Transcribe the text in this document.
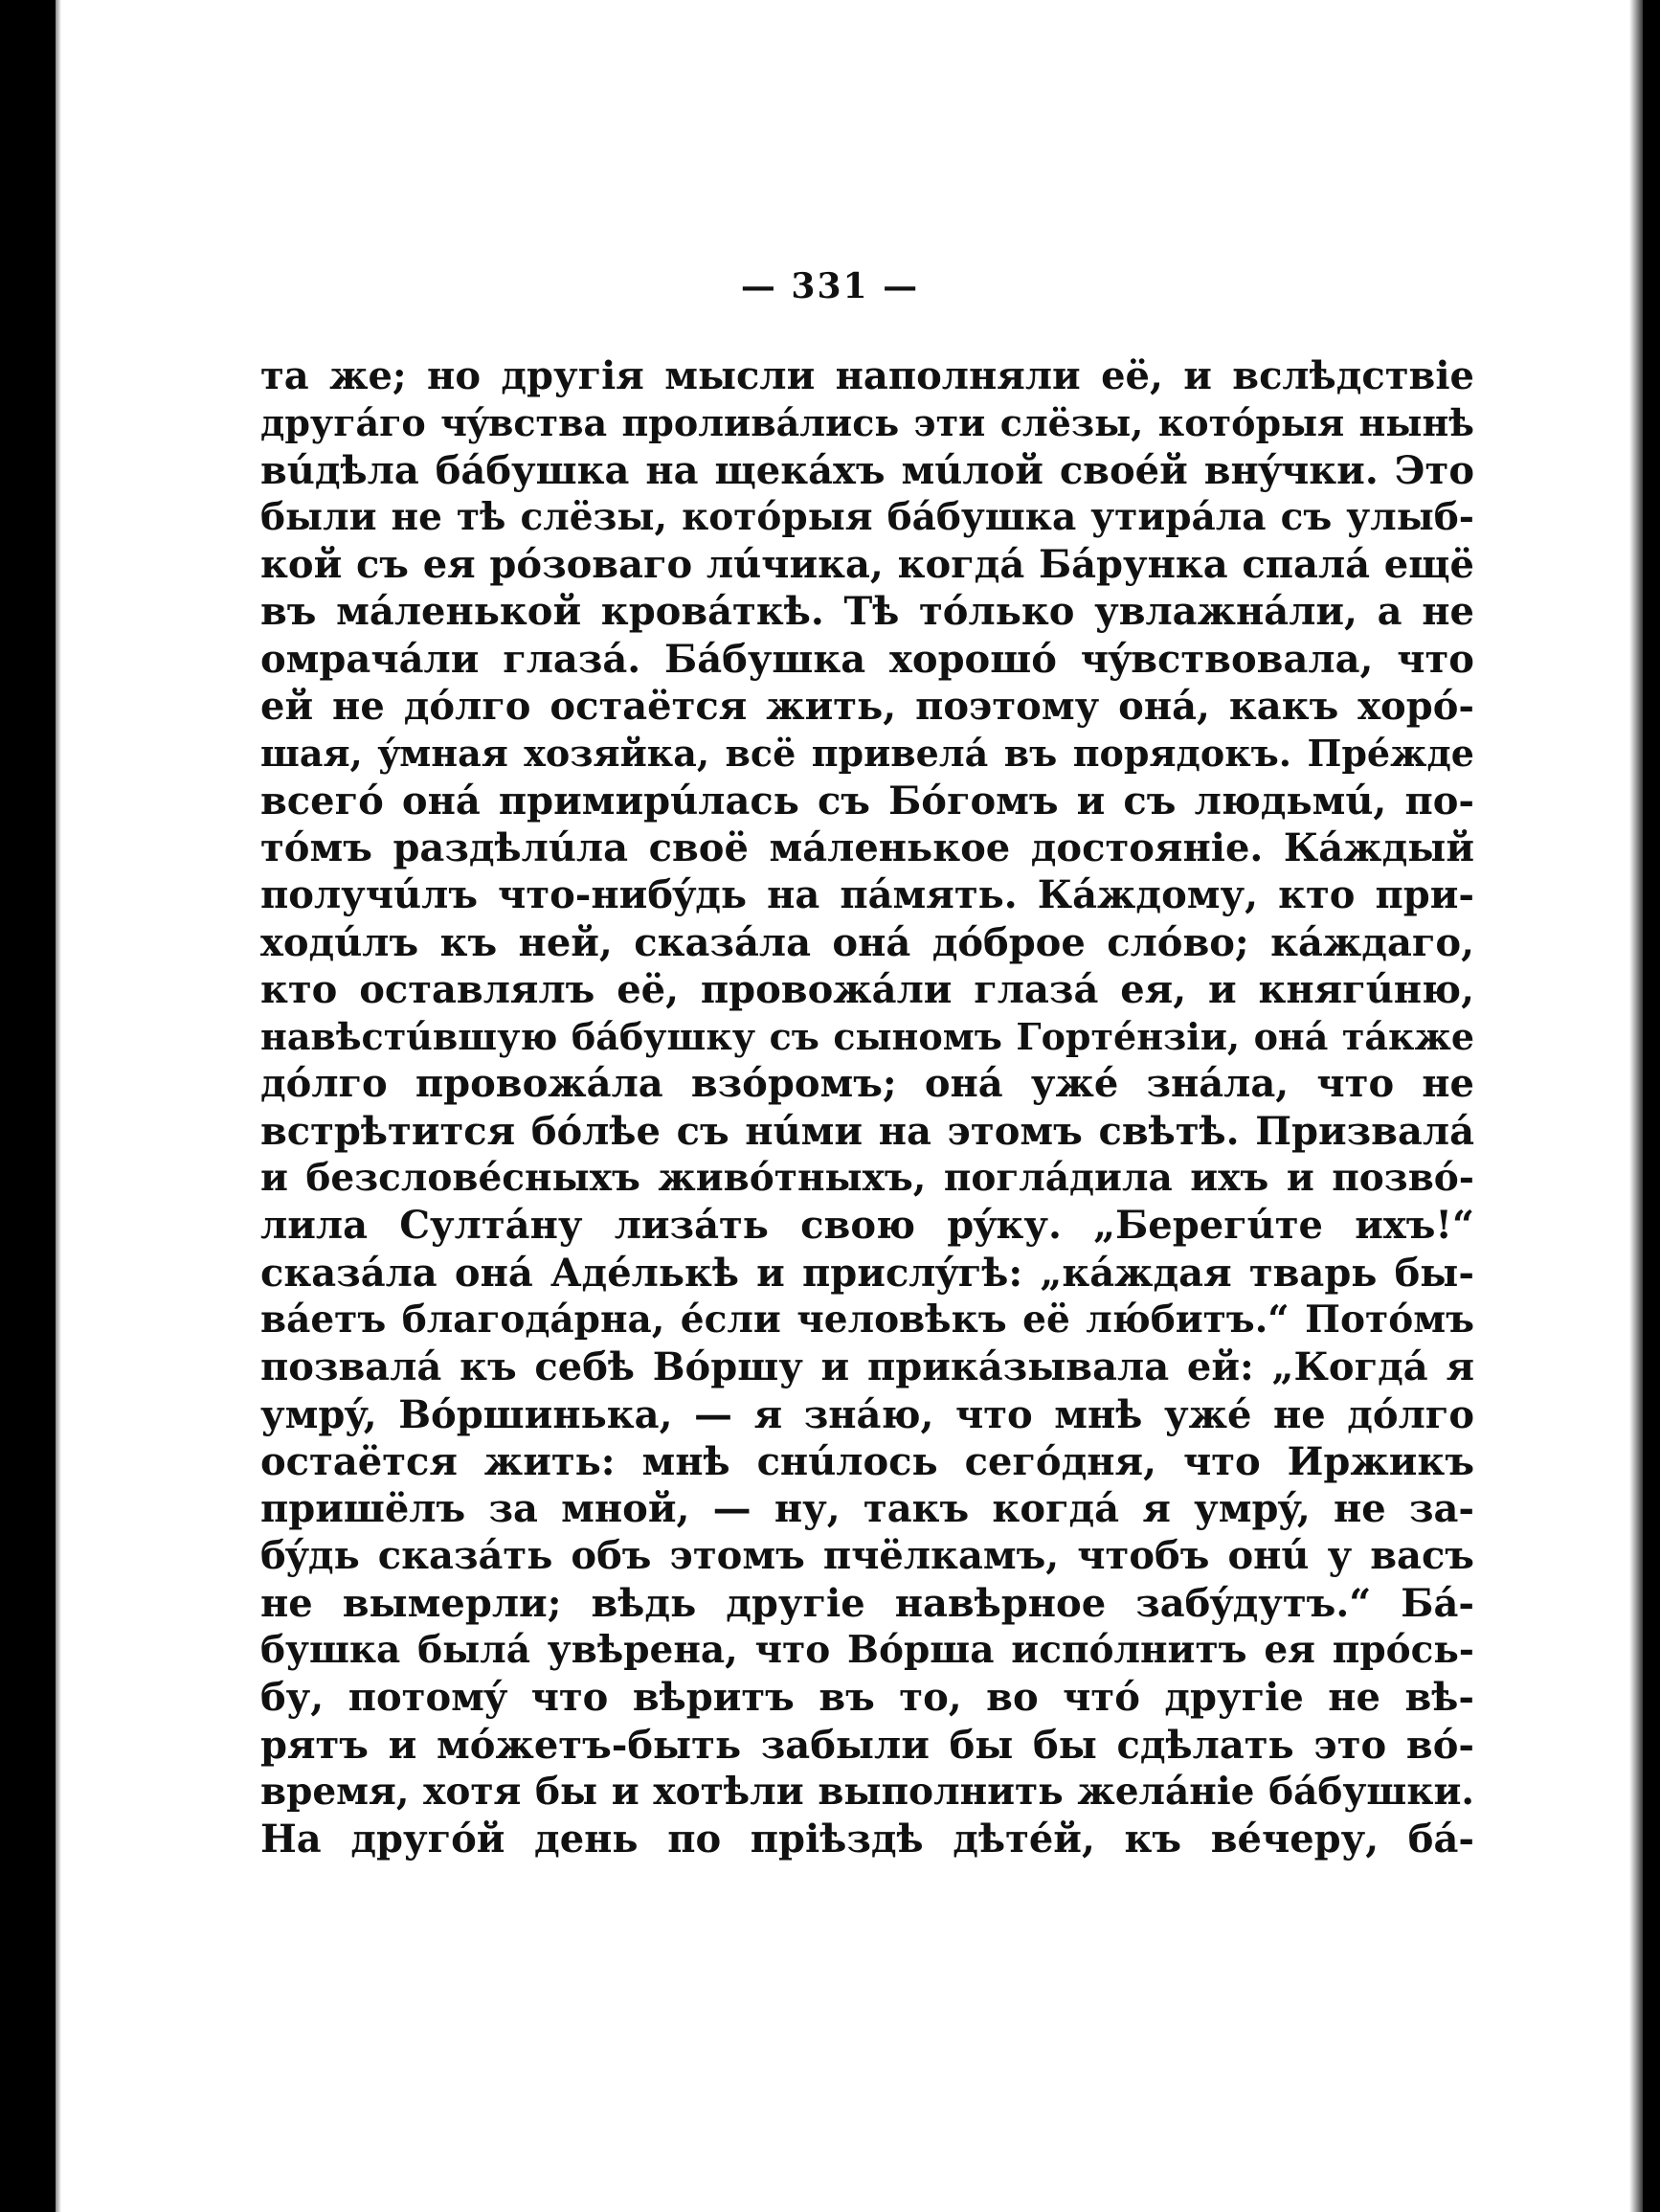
— 331 —
та же; но другія мысли наполняли её, и вслѣдствіе
другáго чýвства проливáлись эти слёзы, котóрыя нынѣ
вúдѣла бáбушка на щекáхъ мúлой своéй внýчки. Это
были не тѣ слёзы, котóрыя бáбушка утирáла съ улыб-
кой съ ея рóзоваго лúчика, когдá Бáрунка спалá ещё
въ мáленькой кровáткѣ. Тѣ тóлько увлажнáли, а не
омрачáли глазá. Бáбушка хорошó чýвствовала, что
ей не дóлго остаётся жить, поэтому онá, какъ хорó-
шая, ýмная хозяйка, всё привелá въ порядокъ. Прéжде
всегó онá примирúлась съ Бóгомъ и съ людьмú, по-
тóмъ раздѣлúла своё мáленькое достояніе. Кáждый
получúлъ что-нибýдь на пáмять. Кáждому, кто при-
ходúлъ къ ней, сказáла онá дóброе слóво; кáждаго,
кто оставлялъ её, провожáли глазá ея, и княгúню,
навѣстúвшую бáбушку съ сыномъ Гортéнзіи, онá тáкже
дóлго провожáла взóромъ; онá ужé знáла, что не
встрѣтится бóлѣе съ нúми на этомъ свѣтѣ. Призвалá
и безсловéсныхъ живóтныхъ, поглáдила ихъ и позвó-
лила Султáну лизáть свою рýку. „Берегúте ихъ!“
сказáла онá Адéлькѣ и прислýгѣ: „кáждая тварь бы-
вáетъ благодáрна, éсли человѣкъ её лю́битъ.“ Потóмъ
позвалá къ себѣ Вóршу и прикáзывала ей: „Когдá я
умрý, Вóршинька, — я знáю, что мнѣ ужé не дóлго
остаётся жить: мнѣ снúлось сегóдня, что Иржикъ
пришёлъ за мной, — ну, такъ когдá я умрý, не за-
бýдь сказáть объ этомъ пчёлкамъ, чтобъ онú у васъ
не вымерли; вѣдь другіе навѣрное забýдутъ.“ Бá-
бушка былá увѣрена, что Вóрша испóлнитъ ея прóсь-
бу, потомý что вѣритъ въ то, во чтó другіе не вѣ-
рятъ и мóжетъ-быть забыли бы бы сдѣлать это вó-
время, хотя бы и хотѣли выполнить желáніе бáбушки.
На другóй день по пріѣздѣ дѣтéй, къ вéчеру, бá-
